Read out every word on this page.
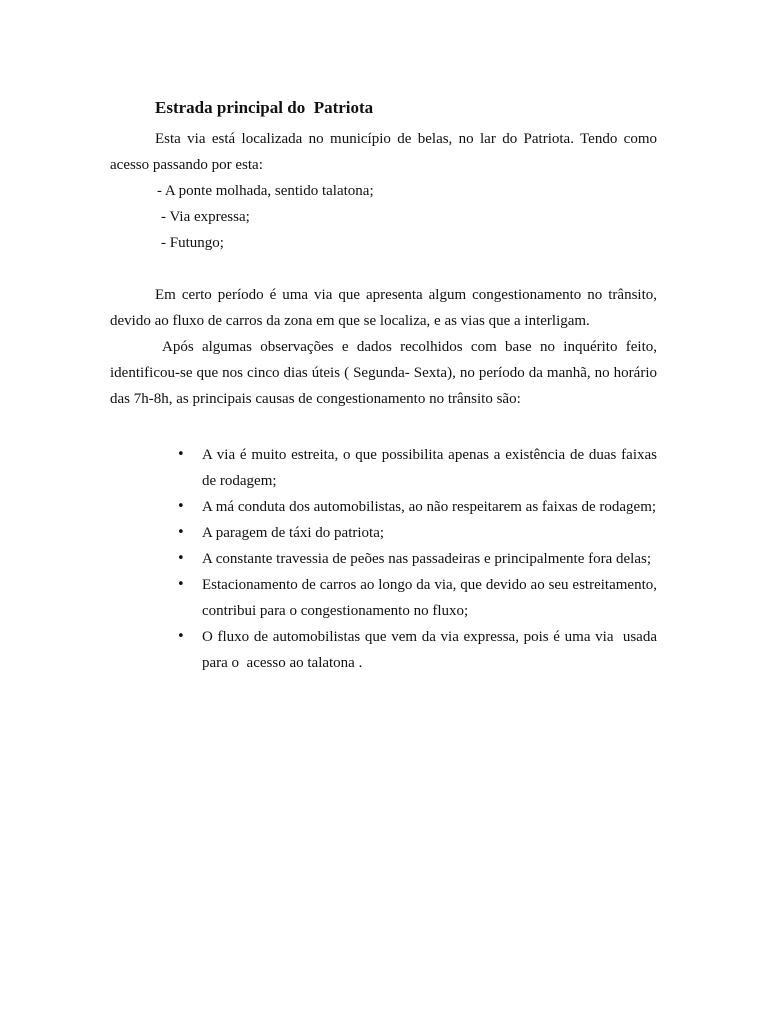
Estrada principal do  Patriota

Esta via está localizada no município de belas, no lar do Patriota. Tendo como acesso passando por esta:

- A ponte molhada, sentido talatona;
- Via expressa;
- Futungo;

Em certo período é uma via que apresenta algum congestionamento no trânsito, devido ao fluxo de carros da zona em que se localiza, e as vias que a interligam.

Após algumas observações e dados recolhidos com base no inquérito feito, identificou-se que nos cinco dias úteis ( Segunda- Sexta), no período da manhã, no horário das 7h-8h, as principais causas de congestionamento no trânsito são:

• A via é muito estreita, o que possibilita apenas a existência de duas faixas de rodagem;
• A má conduta dos automobilistas, ao não respeitarem as faixas de rodagem;
• A paragem de táxi do patriota;
• A constante travessia de peões nas passadeiras e principalmente fora delas;
• Estacionamento de carros ao longo da via, que devido ao seu estreitamento, contribui para o congestionamento no fluxo;
• O fluxo de automobilistas que vem da via expressa, pois é uma via  usada para o  acesso ao talatona .
